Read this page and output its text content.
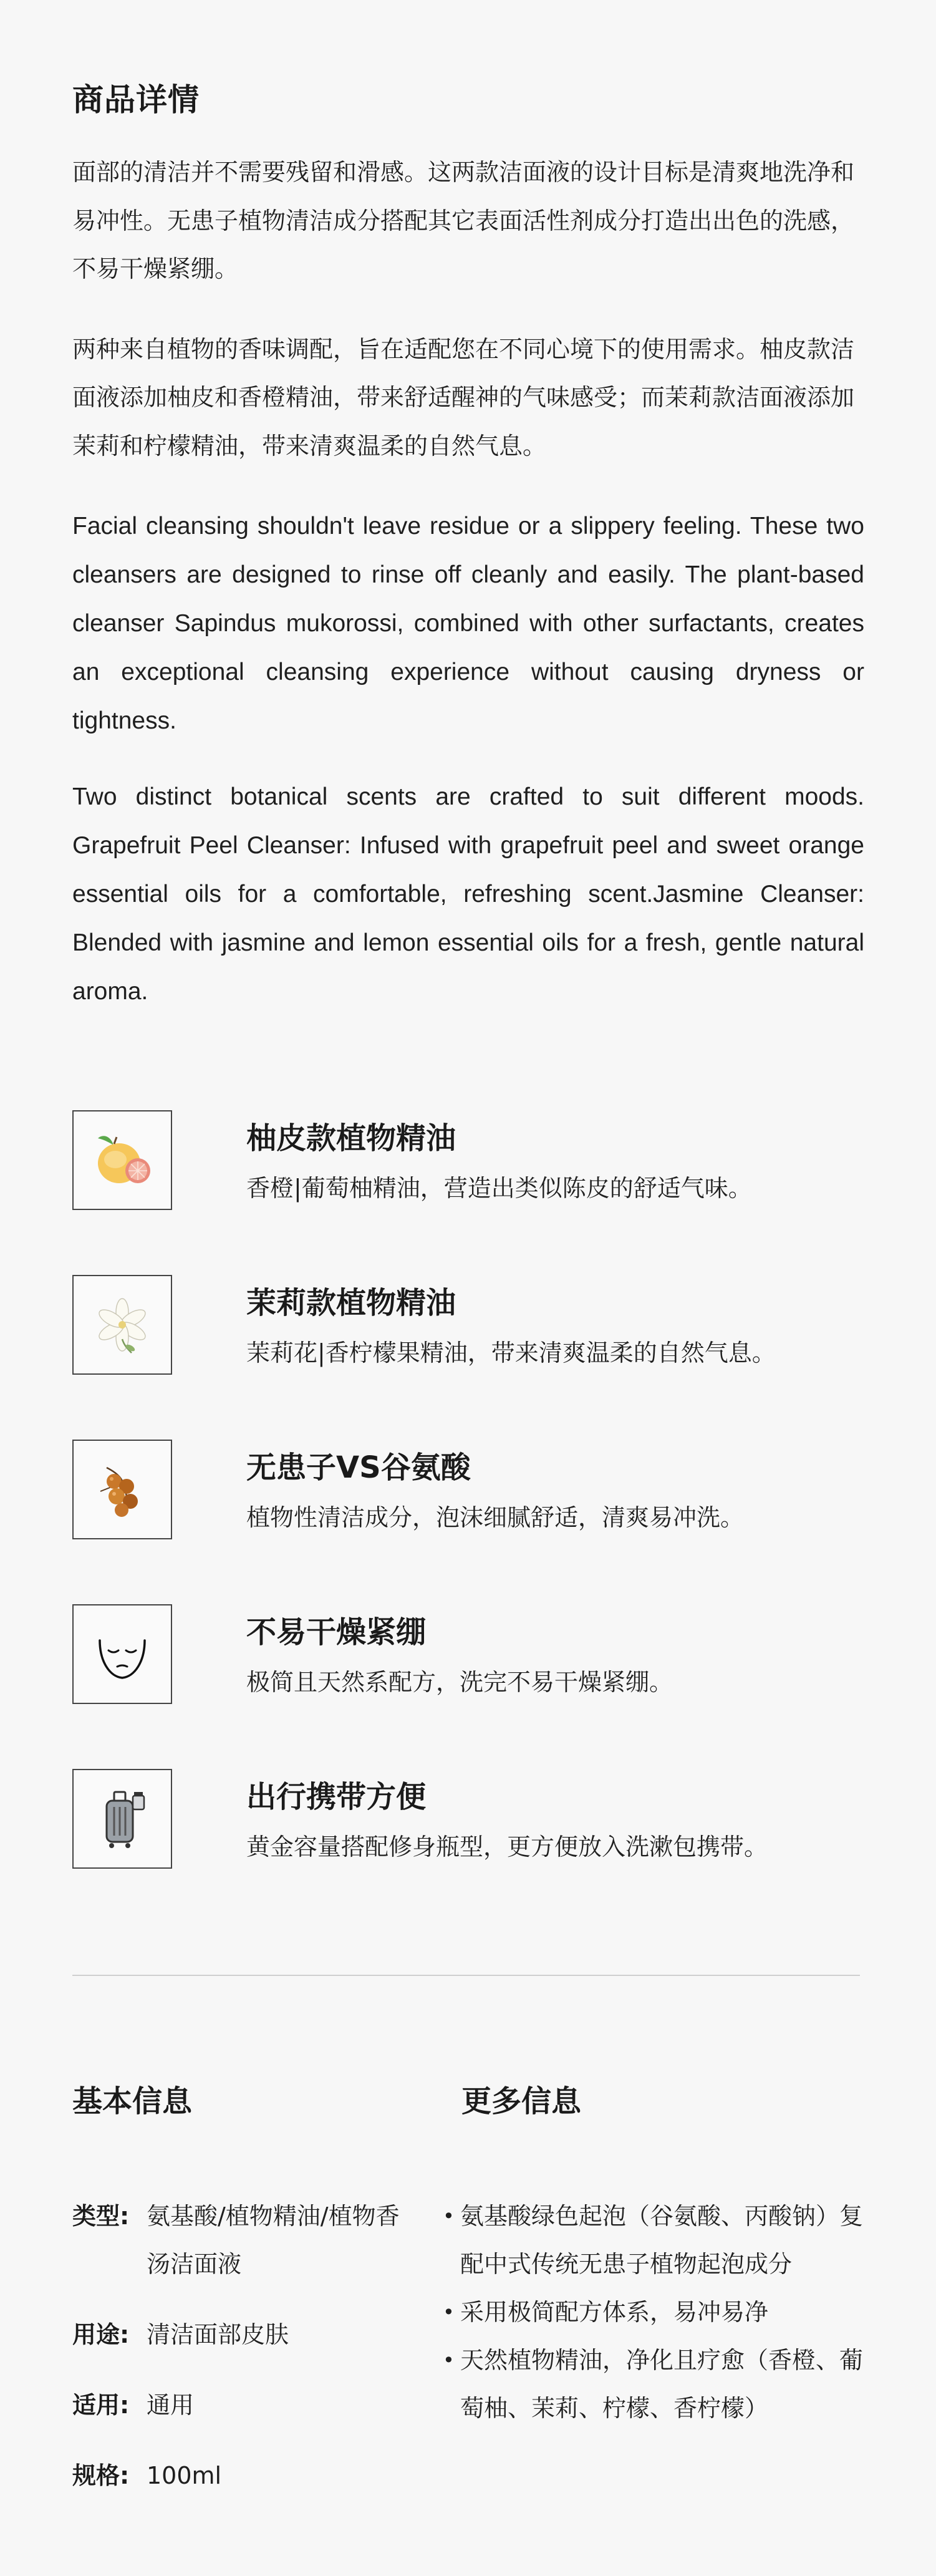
商品详情

面部的清洁并不需要残留和滑感。这两款洁面液的设计目标是清爽地洗净和易冲性。无患子植物清洁成分搭配其它表面活性剂成分打造出出色的洗感，不易干燥紧绷。

两种来自植物的香味调配，旨在适配您在不同心境下的使用需求。柚皮款洁面液添加柚皮和香橙精油，带来舒适醒神的气味感受；而茉莉款洁面液添加茉莉和柠檬精油，带来清爽温柔的自然气息。

Facial cleansing shouldn't leave residue or a slippery feeling. These two cleansers are designed to rinse off cleanly and easily. The plant-based cleanser Sapindus mukorossi, combined with other surfactants, creates an exceptional cleansing experience without causing dryness or tightness.

Two distinct botanical scents are crafted to suit different moods. Grapefruit Peel Cleanser: Infused with grapefruit peel and sweet orange essential oils for a comfortable, refreshing scent.Jasmine Cleanser: Blended with jasmine and lemon essential oils for a fresh, gentle natural aroma.

柚皮款植物精油

香橙|葡萄柚精油，营造出类似陈皮的舒适气味。

茉莉款植物精油

茉莉花|香柠檬果精油，带来清爽温柔的自然气息。

无患子VS谷氨酸

植物性清洁成分，泡沫细腻舒适，清爽易冲洗。

不易干燥紧绷

极简且天然系配方，洗完不易干燥紧绷。

出行携带方便

黄金容量搭配修身瓶型，更方便放入洗漱包携带。

基本信息	更多信息
类型: 氨基酸/植物精油/植物香汤洁面液
用途: 清洁面部皮肤
适用: 通用
规格: 100ml
• 氨基酸绿色起泡（谷氨酸、丙酸钠）复配中式传统无患子植物起泡成分
• 采用极简配方体系，易冲易净
• 天然植物精油，净化且疗愈（香橙、葡萄柚、茉莉、柠檬、香柠檬）
